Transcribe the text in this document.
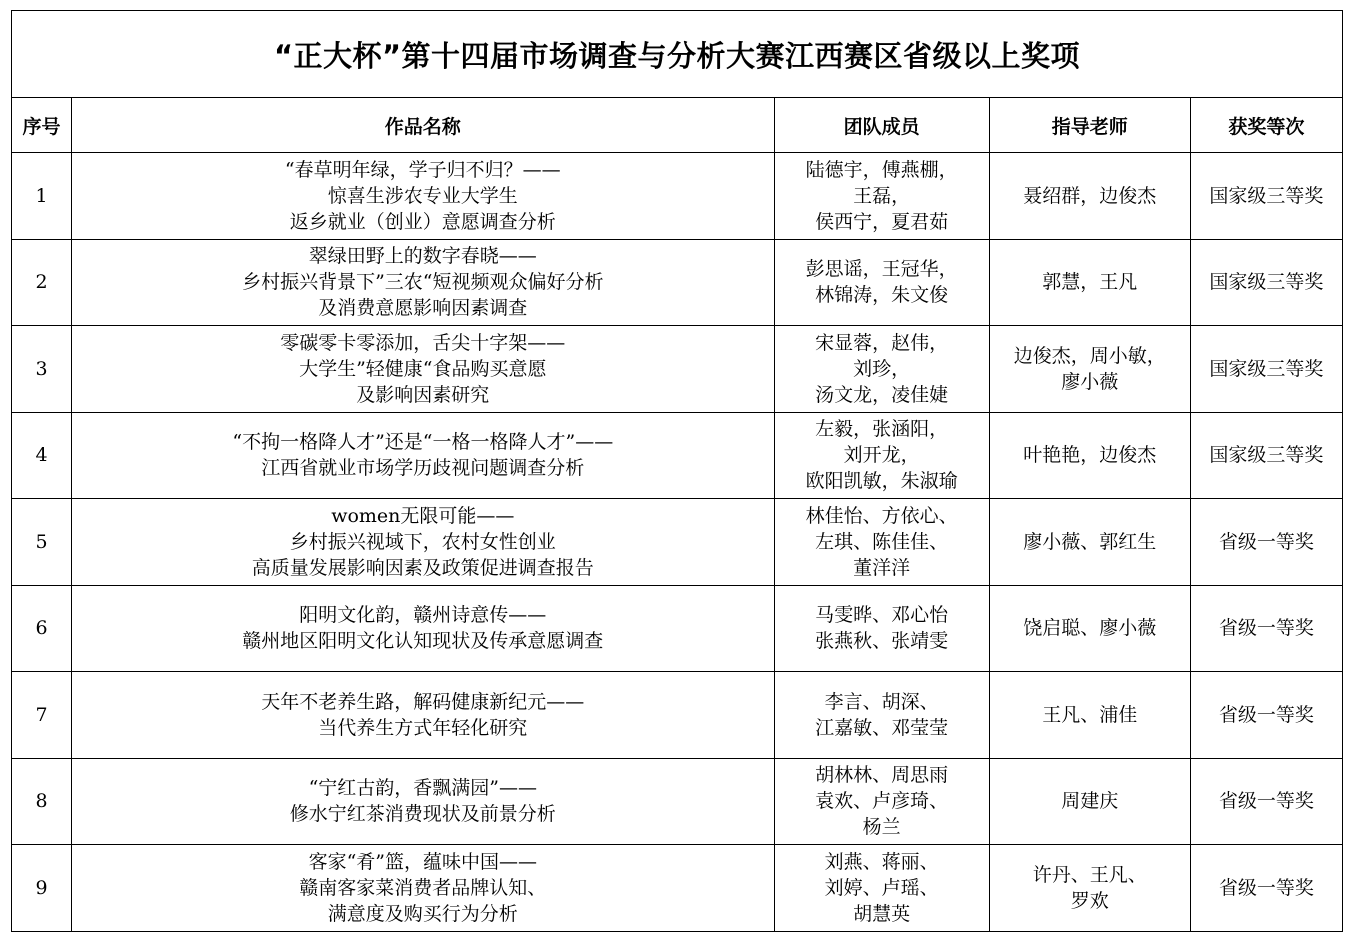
“正大杯”第十四届市场调查与分析大赛江西赛区省级以上奖项				
序号	作品名称	团队成员	指导老师	获奖等次
1	“春草明年绿，学子归不归？——
惊喜生涉农专业大学生
返乡就业（创业）意愿调查分析	陆德宇，傅燕棚，
王磊，
侯西宁，夏君茹	聂绍群，边俊杰	国家级三等奖
2	翠绿田野上的数字春晓——
乡村振兴背景下”三农“短视频观众偏好分析
及消费意愿影响因素调查	彭思谣，王冠华，
林锦涛，朱文俊	郭慧，王凡	国家级三等奖
3	零碳零卡零添加，舌尖十字架——
大学生”轻健康“食品购买意愿
及影响因素研究	宋显蓉，赵伟，
刘珍，
汤文龙，凌佳婕	边俊杰，周小敏，
廖小薇	国家级三等奖
4	“不拘一格降人才”还是“一格一格降人才”——
江西省就业市场学历歧视问题调查分析	左毅，张涵阳，
刘开龙，
欧阳凯敏，朱淑瑜	叶艳艳，边俊杰	国家级三等奖
5	women无限可能——
乡村振兴视域下，农村女性创业
高质量发展影响因素及政策促进调查报告	林佳怡、方依心、
左琪、陈佳佳、
董洋洋	廖小薇、郭红生	省级一等奖
6	阳明文化韵，赣州诗意传——
赣州地区阳明文化认知现状及传承意愿调查	马雯晔、邓心怡
张燕秋、张靖雯	饶启聪、廖小薇	省级一等奖
7	天年不老养生路，解码健康新纪元——
当代养生方式年轻化研究	李言、胡深、
江嘉敏、邓莹莹	王凡、浦佳	省级一等奖
8	“宁红古韵，香飘满园”——
修水宁红茶消费现状及前景分析	胡林林、周思雨
袁欢、卢彦琦、
杨兰	周建庆	省级一等奖
9	客家“肴”篮，蕴味中国——
赣南客家菜消费者品牌认知、
满意度及购买行为分析	刘燕、蒋丽、
刘婷、卢瑶、
胡慧英	许丹、王凡、
罗欢	省级一等奖
